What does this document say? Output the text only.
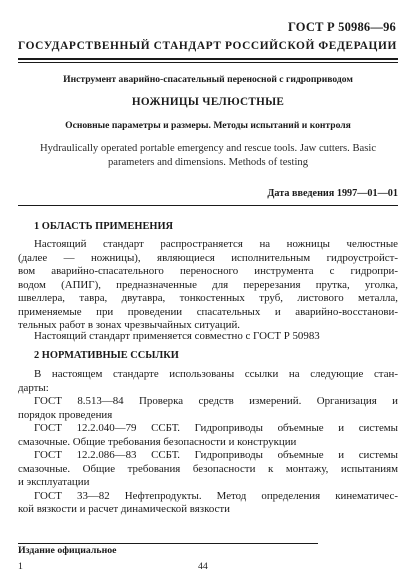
ГОСТ Р 50986—96
ГОСУДАРСТВЕННЫЙ СТАНДАРТ РОССИЙСКОЙ ФЕДЕРАЦИИ
Инструмент аварийно-спасательный переносной с гидроприводом
НОЖНИЦЫ ЧЕЛЮСТНЫЕ
Основные параметры и размеры. Методы испытаний и контроля
Hydraulically operated portable emergency and rescue tools. Jaw cutters. Basic
parameters and dimensions. Methods of testing
Дата введения 1997—01—01
1 ОБЛАСТЬ ПРИМЕНЕНИЯ
Настоящий стандарт распространяется на ножницы челюстные
(далее — ножницы), являющиеся исполнительным гидроустройст-
вом аварийно-спасательного переносного инструмента с гидропри-
водом (АПИГ), предназначенные для перерезания прутка, уголка,
швеллера, тавра, двутавра, тонкостенных труб, листового металла,
применяемые при проведении спасательных и аварийно-восстанови-
тельных работ в зонах чрезвычайных ситуаций.
Настоящий стандарт применяется совместно с ГОСТ Р 50983
2 НОРМАТИВНЫЕ ССЫЛКИ
В настоящем стандарте использованы ссылки на следующие стан-
дарты:
ГОСТ 8.513—84 Проверка средств измерений. Организация и
порядок проведения
ГОСТ 12.2.040—79 ССБТ. Гидроприводы объемные и системы
смазочные. Общие требования безопасности и конструкции
ГОСТ 12.2.086—83 ССБТ. Гидроприводы объемные и системы
смазочные. Общие требования безопасности к монтажу, испытаниям
и эксплуатации
ГОСТ 33—82 Нефтепродукты. Метод определения кинематичес-
кой вязкости и расчет динамической вязкости
Издание официальное
1	44
